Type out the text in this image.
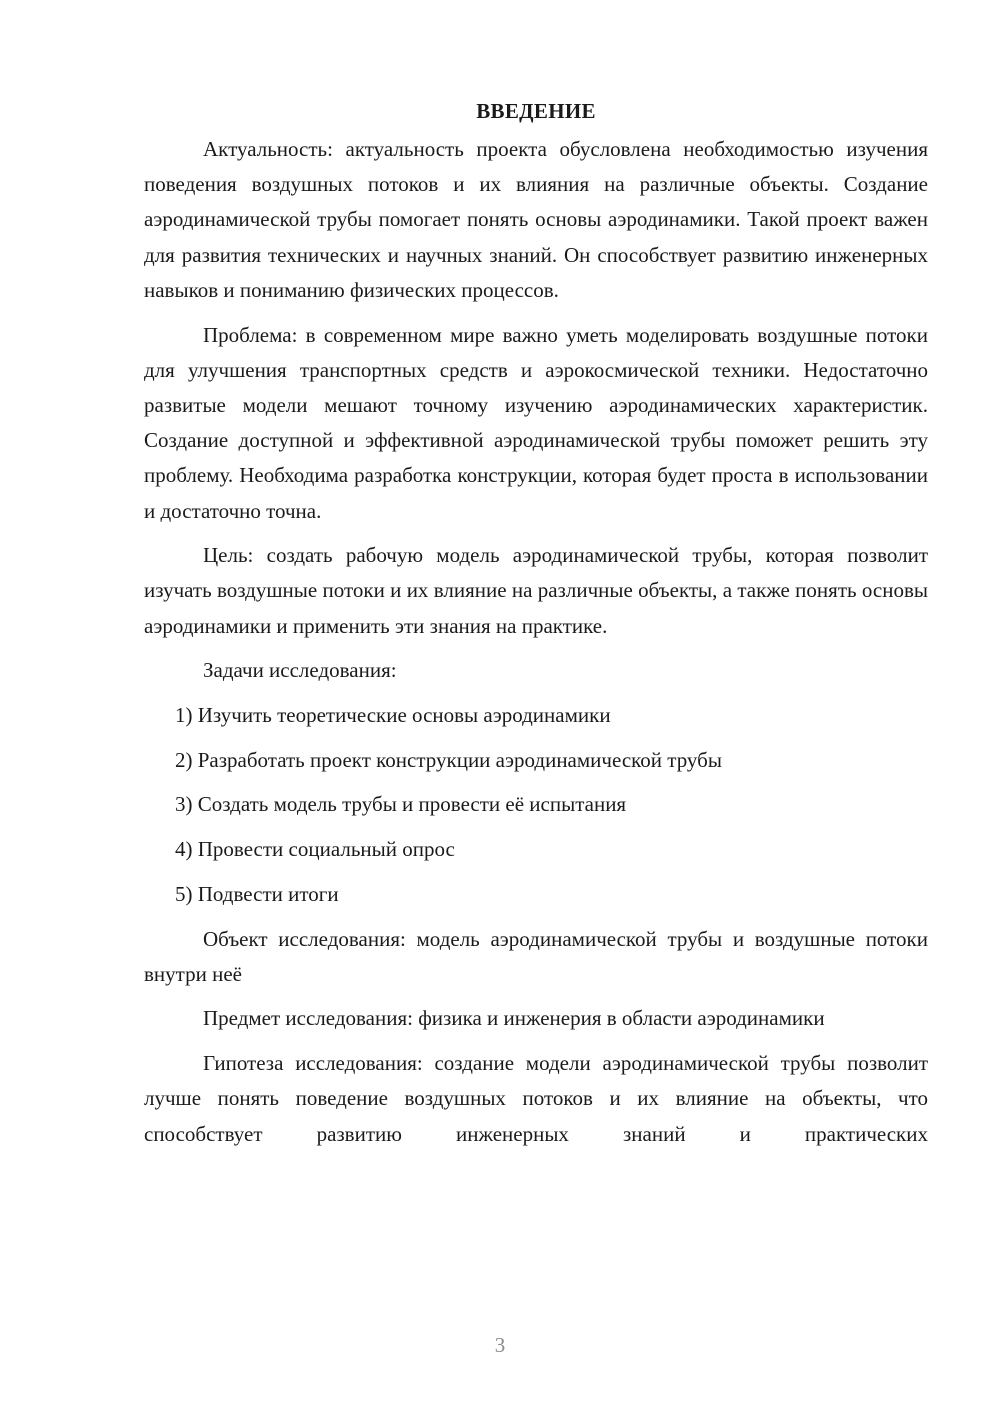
ВВЕДЕНИЕ

Актуальность: актуальность проекта обусловлена необходимостью изучения поведения воздушных потоков и их влияния на различные объекты. Создание аэродинамической трубы помогает понять основы аэродинамики. Такой проект важен для развития технических и научных знаний. Он способствует развитию инженерных навыков и пониманию физических процессов.

Проблема: в современном мире важно уметь моделировать воздушные потоки для улучшения транспортных средств и аэрокосмической техники. Недостаточно развитые модели мешают точному изучению аэродинамических характеристик. Создание доступной и эффективной аэродинамической трубы поможет решить эту проблему. Необходима разработка конструкции, которая будет проста в использовании и достаточно точна.

Цель: создать рабочую модель аэродинамической трубы, которая позволит изучать воздушные потоки и их влияние на различные объекты, а также понять основы аэродинамики и применить эти знания на практике.

Задачи исследования:

1) Изучить теоретические основы аэродинамики

2) Разработать проект конструкции аэродинамической трубы

3) Создать модель трубы и провести её испытания

4) Провести социальный опрос

5) Подвести итоги

Объект исследования: модель аэродинамической трубы и воздушные потоки внутри неё

Предмет исследования: физика и инженерия в области аэродинамики

Гипотеза исследования: создание модели аэродинамической трубы позволит лучше понять поведение воздушных потоков и их влияние на объекты, что способствует развитию инженерных знаний и практических

3
